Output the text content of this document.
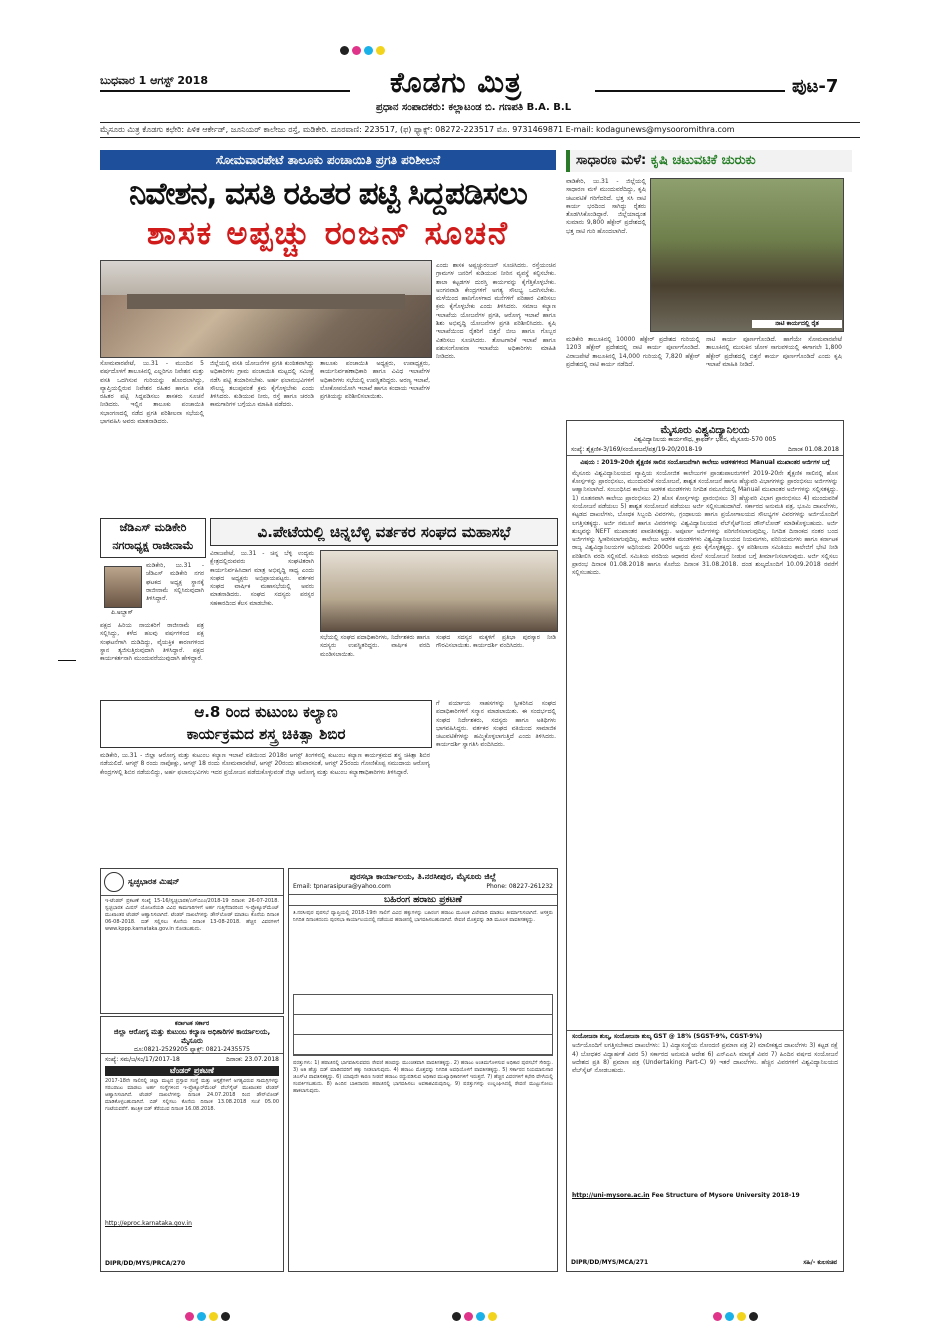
ಬುಧವಾರ 1 ಆಗಸ್ಟ್ 2018	ಕೊಡಗು ಮಿತ್ರ
ಪ್ರಧಾನ ಸಂಪಾದಕರು: ಕಲ್ಲಾಟಂಡ ಬಿ. ಗಣಪತಿ B.A. B.L
ಪುಟ-7
ಮೈಸೂರು ಮಿತ್ರ ಕೊಡಗು ಕಛೇರಿ: ಪಿಳಿಕ ಆರ್ಕೇಡ್, ಜೂನಿಯರ್ ಕಾಲೇಜು ರಸ್ತೆ, ಮಡಿಕೇರಿ. ದೂರವಾಣಿ: 223517, (ಫ) ಫ್ಯಾಕ್ಸ್: 08272-223517 ಮೊ. 9731469871 E-mail: kodagunews@mysooromithra.com
ಸೋಮವಾರಪೇಟೆ ತಾಲೂಕು ಪಂಚಾಯಿತಿ ಪ್ರಗತಿ ಪರಿಶೀಲನೆ
ನಿವೇಶನ, ವಸತಿ ರಹಿತರ ಪಟ್ಟಿ ಸಿದ್ದಪಡಿಸಲು
ಶಾಸಕ ಅಪ್ಪಚ್ಚು ರಂಜನ್ ಸೂಚನೆ

ಸೋಮವಾರಪೇಟೆ, ಜು.31 - ಮುಂದಿನ 5 ವರ್ಷದೊಳಗೆ ತಾಲೂಕಿನಲ್ಲಿ ಎಲ್ಲರಿಗೂ ನಿವೇಶನ ಮತ್ತು ವಸತಿ ಒದಗಿಸುವ ಗುರಿಯನ್ನು ಹೊಂದಲಾಗಿದ್ದು, ವ್ಯಾಪ್ತಿಯಲ್ಲಿರುವ ನಿವೇಶನ ರಹಿತರ ಹಾಗೂ ವಸತಿ ರಹಿತರ ಪಟ್ಟಿ ಸಿದ್ದಪಡಿಸಲು ಶಾಸಕರು ಸೂಚನೆ ನೀಡಿದರು. ಇಲ್ಲಿನ ತಾಲೂಕು ಪಂಚಾಯಿತಿ ಸಭಾಂಗಣದಲ್ಲಿ ನಡೆದ ಪ್ರಗತಿ ಪರಿಶೀಲನಾ ಸಭೆಯಲ್ಲಿ ಭಾಗವಹಿಸಿ ಅವರು ಮಾತನಾಡಿದರು.

ಜಿಲ್ಲೆಯಲ್ಲಿ ವಸತಿ ಯೋಜನೆಗಳ ಪ್ರಗತಿ ಕುಂಠಿತವಾಗಿದ್ದು ಅಧಿಕಾರಿಗಳು ಗ್ರಾಮ ಪಂಚಾಯಿತಿ ಮಟ್ಟದಲ್ಲಿ ಸಮೀಕ್ಷೆ ನಡೆಸಿ ಪಟ್ಟಿ ತಯಾರಿಸಬೇಕು. ಅರ್ಹ ಫಲಾನುಭವಿಗಳಿಗೆ ಸೌಲಭ್ಯ ತಲುಪುವಂತೆ ಕ್ರಮ ಕೈಗೊಳ್ಳಬೇಕು ಎಂದು ತಿಳಿಸಿದರು. ಕುಡಿಯುವ ನೀರು, ರಸ್ತೆ ಹಾಗೂ ಚರಂಡಿ ಕಾಮಗಾರಿಗಳ ಬಗ್ಗೆಯೂ ಮಾಹಿತಿ ಪಡೆದರು.

ತಾಲೂಕು ಪಂಚಾಯಿತಿ ಅಧ್ಯಕ್ಷರು, ಉಪಾಧ್ಯಕ್ಷರು, ಕಾರ್ಯನಿರ್ವಹಣಾಧಿಕಾರಿ ಹಾಗೂ ವಿವಿಧ ಇಲಾಖೆಗಳ ಅಧಿಕಾರಿಗಳು ಸಭೆಯಲ್ಲಿ ಉಪಸ್ಥಿತರಿದ್ದರು. ಅರಣ್ಯ ಇಲಾಖೆ, ಲೋಕೋಪಯೋಗಿ ಇಲಾಖೆ ಹಾಗೂ ಕಂದಾಯ ಇಲಾಖೆಗಳ ಪ್ರಗತಿಯನ್ನು ಪರಿಶೀಲಿಸಲಾಯಿತು.

ಎಂದು ಶಾಸಕ ಅಪ್ಪಚ್ಚುರಂಜನ್ ಸೂಚಿಸಿದರು. ರಸ್ತೆಯಂಚಿನ ಗ್ರಾಮಗಳ ಜನರಿಗೆ ಕುಡಿಯುವ ನೀರಿನ ವ್ಯವಸ್ಥೆ ಕಲ್ಪಿಸಬೇಕು. ಶಾಲಾ ಕಟ್ಟಡಗಳ ದುರಸ್ತಿ ಕಾರ್ಯವನ್ನು ಕೈಗೆತ್ತಿಕೊಳ್ಳಬೇಕು. ಅಂಗನವಾಡಿ ಕೇಂದ್ರಗಳಿಗೆ ಅಗತ್ಯ ಸೌಲಭ್ಯ ಒದಗಿಸಬೇಕು. ಮಳೆಯಿಂದ ಹಾನಿಗೊಳಗಾದ ಮನೆಗಳಿಗೆ ಪರಿಹಾರ ವಿತರಿಸಲು ಕ್ರಮ ಕೈಗೊಳ್ಳಬೇಕು ಎಂದು ತಿಳಿಸಿದರು. ಸಮಾಜ ಕಲ್ಯಾಣ ಇಲಾಖೆಯ ಯೋಜನೆಗಳ ಪ್ರಗತಿ, ಆರೋಗ್ಯ ಇಲಾಖೆ ಹಾಗೂ ಶಿಶು ಅಭಿವೃದ್ಧಿ ಯೋಜನೆಗಳ ಪ್ರಗತಿ ಪರಿಶೀಲಿಸಿದರು. ಕೃಷಿ ಇಲಾಖೆಯಿಂದ ರೈತರಿಗೆ ಬಿತ್ತನೆ ಬೀಜ ಹಾಗೂ ಗೊಬ್ಬರ ವಿತರಿಸಲು ಸೂಚಿಸಿದರು. ತೋಟಗಾರಿಕೆ ಇಲಾಖೆ ಹಾಗೂ ಪಶುಸಂಗೋಪನಾ ಇಲಾಖೆಯ ಅಧಿಕಾರಿಗಳು ಮಾಹಿತಿ ನೀಡಿದರು.

ಜೆಡಿಎಸ್ ಮಡಿಕೇರಿ ನಗರಾಧ್ಯಕ್ಷ ರಾಜೀನಾಮೆ
ಪಿ.ಅಬ್ಬಾಸ್

ಮಡಿಕೇರಿ, ಜು.31 - ಜೆಡಿಎಸ್ ಮಡಿಕೇರಿ ನಗರ ಘಟಕದ ಅಧ್ಯಕ್ಷ ಸ್ಥಾನಕ್ಕೆ ರಾಜೀನಾಮೆ ಸಲ್ಲಿಸಿರುವುದಾಗಿ ತಿಳಿಸಿದ್ದಾರೆ.

ಪಕ್ಷದ ಹಿರಿಯ ನಾಯಕರಿಗೆ ರಾಜೀನಾಮೆ ಪತ್ರ ಸಲ್ಲಿಸಿದ್ದು, ಕಳೆದ ಹಲವು ವರ್ಷಗಳಿಂದ ಪಕ್ಷ ಸಂಘಟನೆಗಾಗಿ ದುಡಿದಿದ್ದು, ವೈಯಕ್ತಿಕ ಕಾರಣಗಳಿಂದ ಸ್ಥಾನ ತ್ಯಜಿಸುತ್ತಿರುವುದಾಗಿ ತಿಳಿಸಿದ್ದಾರೆ. ಪಕ್ಷದ ಕಾರ್ಯಕರ್ತನಾಗಿ ಮುಂದುವರೆಯುವುದಾಗಿ ಹೇಳಿದ್ದಾರೆ.

ವಿ.ಪೇಟೆಯಲ್ಲಿ ಚಿನ್ನಬೆಳ್ಳಿ ವರ್ತಕರ ಸಂಘದ ಮಹಾಸಭೆ

ವಿರಾಜಪೇಟೆ, ಜು.31 - ಚಿನ್ನ ಬೆಳ್ಳಿ ಉದ್ಯಮ ಕ್ಷೇತ್ರದಲ್ಲಿರುವವರು ಸಂಘಟಿತರಾಗಿ ಕಾರ್ಯನಿರ್ವಹಿಸಿದಾಗ ಮಾತ್ರ ಅಭಿವೃದ್ಧಿ ಸಾಧ್ಯ ಎಂದು ಸಂಘದ ಅಧ್ಯಕ್ಷರು ಅಭಿಪ್ರಾಯಪಟ್ಟರು. ವರ್ತಕರ ಸಂಘದ ವಾರ್ಷಿಕ ಮಹಾಸಭೆಯಲ್ಲಿ ಅವರು ಮಾತನಾಡಿದರು. ಸಂಘದ ಸದಸ್ಯರು ಪರಸ್ಪರ ಸಹಕಾರದಿಂದ ಕೆಲಸ ಮಾಡಬೇಕು.

ಸಭೆಯಲ್ಲಿ ಸಂಘದ ಪದಾಧಿಕಾರಿಗಳು, ನಿರ್ದೇಶಕರು ಹಾಗೂ ಸದಸ್ಯರು ಉಪಸ್ಥಿತರಿದ್ದರು. ವಾರ್ಷಿಕ ವರದಿ ಮಂಡಿಸಲಾಯಿತು.

ಸಂಘದ ಸದಸ್ಯರ ಮಕ್ಕಳಿಗೆ ಪ್ರತಿಭಾ ಪುರಸ್ಕಾರ ನೀಡಿ ಗೌರವಿಸಲಾಯಿತು. ಕಾರ್ಯದರ್ಶಿ ವಂದಿಸಿದರು.

ಆ.8 ರಿಂದ ಕುಟುಂಬ ಕಲ್ಯಾಣ
ಕಾರ್ಯಕ್ರಮದ ಶಸ್ತ್ರ ಚಿಕಿತ್ಸಾ ಶಿಬಿರ

ಮಡಿಕೇರಿ, ಜು.31 - ಜಿಲ್ಲಾ ಆರೋಗ್ಯ ಮತ್ತು ಕುಟುಂಬ ಕಲ್ಯಾಣ ಇಲಾಖೆ ವತಿಯಿಂದ 2018ರ ಆಗಸ್ಟ್ ತಿಂಗಳಿನಲ್ಲಿ ಕುಟುಂಬ ಕಲ್ಯಾಣ ಕಾರ್ಯಕ್ರಮದ ಶಸ್ತ್ರ ಚಿಕಿತ್ಸಾ ಶಿಬಿರ ನಡೆಯಲಿದೆ. ಆಗಸ್ಟ್ 8 ರಂದು ನಾಪೋಕ್ಲು, ಆಗಸ್ಟ್ 18 ರಂದು ಸೋಮವಾರಪೇಟೆ, ಆಗಸ್ಟ್ 20ರಂದು ಶನಿವಾರಸಂತೆ, ಆಗಸ್ಟ್ 25ರಂದು ಗೋಣಿಕೊಪ್ಪ ಸಮುದಾಯ ಆರೋಗ್ಯ ಕೇಂದ್ರಗಳಲ್ಲಿ ಶಿಬಿರ ನಡೆಯಲಿದ್ದು, ಅರ್ಹ ಫಲಾನುಭವಿಗಳು ಇದರ ಪ್ರಯೋಜನ ಪಡೆದುಕೊಳ್ಳುವಂತೆ ಜಿಲ್ಲಾ ಆರೋಗ್ಯ ಮತ್ತು ಕುಟುಂಬ ಕಲ್ಯಾಣಾಧಿಕಾರಿಗಳು ತಿಳಿಸಿದ್ದಾರೆ.

ಗೆ ಪರ್ಯಾಯ ಸಾಹಸಗಳನ್ನು ಸ್ವೀಕರಿಸಿದ ಸಂಘದ ಪದಾಧಿಕಾರಿಗಳಿಗೆ ಸನ್ಮಾನ ಮಾಡಲಾಯಿತು. ಈ ಸಂದರ್ಭದಲ್ಲಿ ಸಂಘದ ನಿರ್ದೇಶಕರು, ಸದಸ್ಯರು ಹಾಗೂ ಅತಿಥಿಗಳು ಭಾಗವಹಿಸಿದ್ದರು. ವರ್ತಕರ ಸಂಘದ ವತಿಯಿಂದ ಸಾಮಾಜಿಕ ಚಟುವಟಿಕೆಗಳನ್ನು ಹಮ್ಮಿಕೊಳ್ಳಲಾಗುತ್ತಿದೆ ಎಂದು ತಿಳಿಸಿದರು. ಕಾರ್ಯದರ್ಶಿ ಸ್ವಾಗತಿಸಿ ವಂದಿಸಿದರು.

ಸಾಧಾರಣ ಮಳೆ: ಕೃಷಿ ಚಟುವಟಿಕೆ ಚುರುಕು

ವಾಡಿಕೇರಿ, ಜು.31 - ಜಿಲ್ಲೆಯಲ್ಲಿ ಸಾಧಾರಣ ಮಳೆ ಮುಂದುವರೆದಿದ್ದು, ಕೃಷಿ ಚಟುವಟಿಕೆ ಗರಿಗೆದರಿದೆ. ಭತ್ತ ಸಸಿ ನಾಟಿ ಕಾರ್ಯ ಭರದಿಂದ ಸಾಗಿದ್ದು ರೈತರು ತೊಡಗಿಸಿಕೊಂಡಿದ್ದಾರೆ. ಜಿಲ್ಲೆಯಾದ್ಯಂತ ಸುಮಾರು 9,800 ಹೆಕ್ಟೇರ್ ಪ್ರದೇಶದಲ್ಲಿ ಭತ್ತ ನಾಟಿ ಗುರಿ ಹೊಂದಲಾಗಿದೆ.

ನಾಟಿ ಕಾರ್ಯದಲ್ಲಿ ರೈತ

ಮಡಿಕೇರಿ ತಾಲೂಕಿನಲ್ಲಿ 10000 ಹೆಕ್ಟೇರ್ ಪ್ರದೇಶದ ಗುರಿಯಲ್ಲಿ 1203 ಹೆಕ್ಟೇರ್ ಪ್ರದೇಶದಲ್ಲಿ ನಾಟಿ ಕಾರ್ಯ ಪೂರ್ಣಗೊಂಡಿದೆ. ವಿರಾಜಪೇಟೆ ತಾಲೂಕಿನಲ್ಲಿ 14,000 ಗುರಿಯಲ್ಲಿ 7,820 ಹೆಕ್ಟೇರ್ ಪ್ರದೇಶದಲ್ಲಿ ನಾಟಿ ಕಾರ್ಯ ನಡೆದಿದೆ.

ನಾಟಿ ಕಾರ್ಯ ಪೂರ್ಣಗೊಂಡಿದೆ. ಹಾಗೆಯೇ ಸೋಮವಾರಪೇಟೆ ತಾಲೂಕಿನಲ್ಲಿ ಮುಸುಕಿನ ಜೋಳ ಸಾಗುವಳಿಯಲ್ಲಿ ಈಗಾಗಲೇ 1,800 ಹೆಕ್ಟೇರ್ ಪ್ರದೇಶದಲ್ಲಿ ಬಿತ್ತನೆ ಕಾರ್ಯ ಪೂರ್ಣಗೊಂಡಿದೆ ಎಂದು ಕೃಷಿ ಇಲಾಖೆ ಮಾಹಿತಿ ನೀಡಿದೆ.

ಮೈಸೂರು ವಿಶ್ವವಿದ್ಯಾನಿಲಯ
ವಿಶ್ವವಿದ್ಯಾನಿಲಯ ಕಾರ್ಯಸೌಧ, ಕ್ರಾಫರ್ಡ್ ಭವನ, ಮೈಸೂರು-570 005
ಸಂಖ್ಯೆ: ಶೈಕ್ಷಣಿಕ-3/169/ಸಂಯೋಜನೆ/ಪತ್ರ/19-20/2018-19	ದಿನಾಂಕ 01.08.2018
ವಿಷಯ : 2019-20ನೇ ಶೈಕ್ಷಣಿಕ ಸಾಲಿನ ಸಂಯೋಜನೆಗಾಗಿ ಕಾಲೇಜು ಆಡಳಿತಗಳಿಂದ Manual ಮುಖಾಂತರ ಅರ್ಜಿಗಳ ಬಗ್ಗೆ

ಮೈಸೂರು ವಿಶ್ವವಿದ್ಯಾನಿಲಯದ ವ್ಯಾಪ್ತಿಯ ಸಂಯೋಜಿತ ಕಾಲೇಜುಗಳ ಪ್ರಾಂಶುಪಾಲರುಗಳಿಗೆ 2019-20ನೇ ಶೈಕ್ಷಣಿಕ ಸಾಲಿನಲ್ಲಿ ಹೊಸ ಕೋರ್ಸ್ಗಳನ್ನು ಪ್ರಾರಂಭಿಸಲು, ಮುಂದುವರಿಕೆ ಸಂಯೋಜನೆ, ಶಾಶ್ವತ ಸಂಯೋಜನೆ ಹಾಗೂ ಹೆಚ್ಚುವರಿ ವಿಭಾಗಗಳನ್ನು ಪ್ರಾರಂಭಿಸಲು ಅರ್ಜಿಗಳನ್ನು ಆಹ್ವಾನಿಸಲಾಗಿದೆ. ಸಂಬಂಧಿಸಿದ ಕಾಲೇಜು ಆಡಳಿತ ಮಂಡಳಿಗಳು ನಿಗದಿತ ನಮೂನೆಯಲ್ಲಿ Manual ಮುಖಾಂತರ ಅರ್ಜಿಗಳನ್ನು ಸಲ್ಲಿಸತಕ್ಕದ್ದು. 1) ನೂತನವಾಗಿ ಕಾಲೇಜು ಪ್ರಾರಂಭಿಸಲು 2) ಹೊಸ ಕೋರ್ಸ್ಗಳನ್ನು ಪ್ರಾರಂಭಿಸಲು 3) ಹೆಚ್ಚುವರಿ ವಿಭಾಗ ಪ್ರಾರಂಭಿಸಲು 4) ಮುಂದುವರಿಕೆ ಸಂಯೋಜನೆ ಪಡೆಯಲು 5) ಶಾಶ್ವತ ಸಂಯೋಜನೆ ಪಡೆಯಲು ಅರ್ಜಿ ಸಲ್ಲಿಸಬಹುದಾಗಿದೆ. ಸರ್ಕಾರದ ಅನುಮತಿ ಪತ್ರ, ಭೂಮಿ ದಾಖಲೆಗಳು, ಕಟ್ಟಡದ ದಾಖಲೆಗಳು, ಬೋಧಕ ಸಿಬ್ಬಂದಿ ವಿವರಗಳು, ಗ್ರಂಥಾಲಯ ಹಾಗೂ ಪ್ರಯೋಗಾಲಯದ ಸೌಲಭ್ಯಗಳ ವಿವರಗಳನ್ನು ಅರ್ಜಿಯೊಂದಿಗೆ ಲಗತ್ತಿಸತಕ್ಕದ್ದು. ಅರ್ಜಿ ನಮೂನೆ ಹಾಗೂ ವಿವರಗಳನ್ನು ವಿಶ್ವವಿದ್ಯಾನಿಲಯದ ವೆಬ್‌ಸೈಟ್‌ನಿಂದ ಡೌನ್‌ಲೋಡ್ ಮಾಡಿಕೊಳ್ಳಬಹುದು. ಅರ್ಜಿ ಶುಲ್ಕವನ್ನು NEFT ಮುಖಾಂತರ ಪಾವತಿಸತಕ್ಕದ್ದು. ಅಪೂರ್ಣ ಅರ್ಜಿಗಳನ್ನು ಪರಿಗಣಿಸಲಾಗುವುದಿಲ್ಲ. ನಿಗದಿತ ದಿನಾಂಕದ ನಂತರ ಬಂದ ಅರ್ಜಿಗಳನ್ನು ಸ್ವೀಕರಿಸಲಾಗುವುದಿಲ್ಲ. ಕಾಲೇಜು ಆಡಳಿತ ಮಂಡಳಿಗಳು ವಿಶ್ವವಿದ್ಯಾನಿಲಯದ ನಿಯಮಗಳು, ಪರಿನಿಯಮಗಳು ಹಾಗೂ ಕರ್ನಾಟಕ ರಾಜ್ಯ ವಿಶ್ವವಿದ್ಯಾನಿಲಯಗಳ ಅಧಿನಿಯಮ 2000ರ ಅನ್ವಯ ಕ್ರಮ ಕೈಗೊಳ್ಳತಕ್ಕದ್ದು. ಸ್ಥಳ ಪರಿಶೀಲನಾ ಸಮಿತಿಯು ಕಾಲೇಜಿಗೆ ಭೇಟಿ ನೀಡಿ ಪರಿಶೀಲಿಸಿ ವರದಿ ಸಲ್ಲಿಸಲಿದೆ. ಸಮಿತಿಯ ವರದಿಯ ಆಧಾರದ ಮೇಲೆ ಸಂಯೋಜನೆ ನೀಡುವ ಬಗ್ಗೆ ತೀರ್ಮಾನಿಸಲಾಗುವುದು. ಅರ್ಜಿ ಸಲ್ಲಿಸಲು ಪ್ರಾರಂಭ ದಿನಾಂಕ 01.08.2018 ಹಾಗೂ ಕೊನೆಯ ದಿನಾಂಕ 31.08.2018. ದಂಡ ಶುಲ್ಕದೊಂದಿಗೆ 10.09.2018 ರವರೆಗೆ ಸಲ್ಲಿಸಬಹುದು.

ಸಂಯೋಜನಾ ಶುಲ್ಕ, ಸಂಯೋಜನಾ ಶುಲ್ಕ GST @ 18% (SGST-9%, CGST-9%)

ಅರ್ಜಿಯೊಂದಿಗೆ ಲಗತ್ತಿಸಬೇಕಾದ ದಾಖಲೆಗಳು: 1) ವಿದ್ಯಾಸಂಸ್ಥೆಯ ನೋಂದಣಿ ಪ್ರಮಾಣ ಪತ್ರ 2) ಮಾಲೀಕತ್ವದ ದಾಖಲೆಗಳು 3) ಕಟ್ಟಡ ನಕ್ಷೆ 4) ಬೋಧಕರ ವಿದ್ಯಾರ್ಹತೆ ವಿವರ 5) ಸರ್ಕಾರದ ಅನುಮತಿ ಆದೇಶ 6) ಎನ್‌ಎಎಸಿ ಮಾನ್ಯತೆ ವಿವರ 7) ಹಿಂದಿನ ವರ್ಷದ ಸಂಯೋಜನೆ ಆದೇಶದ ಪ್ರತಿ 8) ಪ್ರಮಾಣ ಪತ್ರ (Undertaking Part-C) 9) ಇತರೆ ದಾಖಲೆಗಳು. ಹೆಚ್ಚಿನ ವಿವರಗಳಿಗೆ ವಿಶ್ವವಿದ್ಯಾನಿಲಯದ ವೆಬ್‌ಸೈಟ್ ನೋಡಬಹುದು.

http://uni-mysore.ac.in Fee Structure of Mysore University 2018-19
DIPR/DD/MYS/MCA/271	ಸಹಿ/- ಕುಲಸಚಿವ
ಸ್ವಚ್ಛಭಾರತ ಮಿಷನ್

ಇ-ಟೆಂಡರ್ ಪ್ರಕಟಣೆ ಸಂಖ್ಯೆ 15-16/ಸ್ವಚ್ಛಭಾರತ/ಎಸ್‌ಬಿಎಂ/2018-19 ದಿನಾಂಕ: 26-07-2018. ಸ್ವಚ್ಛಭಾರತ ಮಿಷನ್ ಯೋಜನೆಯಡಿ ವಿವಿಧ ಕಾಮಗಾರಿಗಳಿಗೆ ಅರ್ಹ ಗುತ್ತಿಗೆದಾರರಿಂದ ಇ-ಪ್ರೊಕ್ಯೂರ್‌ಮೆಂಟ್ ಮುಖಾಂತರ ಟೆಂಡರ್ ಆಹ್ವಾನಿಸಲಾಗಿದೆ. ಟೆಂಡರ್ ದಾಖಲೆಗಳನ್ನು ಡೌನ್‌ಲೋಡ್ ಮಾಡಲು ಕೊನೆಯ ದಿನಾಂಕ 06-08-2018. ಬಿಡ್ ಸಲ್ಲಿಸಲು ಕೊನೆಯ ದಿನಾಂಕ 13-08-2018. ಹೆಚ್ಚಿನ ವಿವರಗಳಿಗೆ www.kppp.karnataka.gov.in ನೋಡಬಹುದು.

ಕರ್ನಾಟಕ ಸರ್ಕಾರ
ಜಿಲ್ಲಾ ಆರೋಗ್ಯ ಮತ್ತು ಕುಟುಂಬ ಕಲ್ಯಾಣ ಅಧಿಕಾರಿಗಳ ಕಾರ್ಯಾಲಯ, ಮೈಸೂರು
ದೂ:0821-2529205 ಫ್ಯಾಕ್ಸ್: 0821-2435575
ಸಂಖ್ಯೆ: ಸಮ/ಜ/ಸಂ/17/2017-18	ದಿನಾಂಕ: 23.07.2018
ಟೆಂಡರ್ ಪ್ರಕಟಣೆ

2017-18ನೇ ಸಾಲಿನಲ್ಲಿ ಜಿಲ್ಲಾ ಮಟ್ಟದ ಪ್ರಸ್ತಾವ ಸಂಸ್ಥೆ ಮತ್ತು ಆಸ್ಪತ್ರೆಗಳಿಗೆ ಅಗತ್ಯವಿರುವ ಸಾಮಗ್ರಿಗಳನ್ನು ಸರಬರಾಜು ಮಾಡಲು ಅರ್ಹ ಸಂಸ್ಥೆಗಳಿಂದ ಇ-ಪ್ರೊಕ್ಯೂರ್‌ಮೆಂಟ್ ವೆಬ್‌ಸೈಟ್ ಮುಖಾಂತರ ಟೆಂಡರ್ ಆಹ್ವಾನಿಸಲಾಗಿದೆ. ಟೆಂಡರ್ ದಾಖಲೆಗಳನ್ನು ದಿನಾಂಕ 24.07.2018 ರಿಂದ ಡೌನ್‌ಲೋಡ್ ಮಾಡಿಕೊಳ್ಳಬಹುದಾಗಿದೆ. ಬಿಡ್ ಸಲ್ಲಿಸಲು ಕೊನೆಯ ದಿನಾಂಕ 13.08.2018 ಸಂಜೆ 05.00 ಗಂಟೆಯವರೆಗೆ. ತಾಂತ್ರಿಕ ಬಿಡ್ ತೆರೆಯುವ ದಿನಾಂಕ 16.08.2018.

http://eproc.karnataka.gov.in
DIPR/DD/MYS/PRCA/270
ಪುರಸಭಾ ಕಾರ್ಯಾಲಯ, ತಿ.ನರಸೀಪುರ, ಮೈಸೂರು ಜಿಲ್ಲೆ
Email: tpnarasipura@yahoo.com	Phone: 08227-261232
ಬಹಿರಂಗ ಹರಾಜು ಪ್ರಕಟಣೆ

ತಿ.ನರಸೀಪುರ ಪುರಸಭೆ ವ್ಯಾಪ್ತಿಯಲ್ಲಿ 2018-19ನೇ ಸಾಲಿಗೆ ವಿವಿಧ ಹಕ್ಕುಗಳನ್ನು ಬಹಿರಂಗ ಹರಾಜು ಮೂಲಕ ವಿಲೇವಾರಿ ಮಾಡಲು ತೀರ್ಮಾನಿಸಲಾಗಿದೆ. ಆಸಕ್ತರು ನಿಗದಿತ ದಿನಾಂಕದಂದು ಪುರಸಭಾ ಕಾರ್ಯಾಲಯದಲ್ಲಿ ನಡೆಯುವ ಹರಾಜಿನಲ್ಲಿ ಭಾಗವಹಿಸಬಹುದಾಗಿದೆ. ಠೇವಣಿ ಮೊತ್ತವನ್ನು ಡಿಡಿ ಮೂಲಕ ಪಾವತಿಸತಕ್ಕದ್ದು.

ಷರತ್ತುಗಳು: 1) ಹರಾಜಿನಲ್ಲಿ ಭಾಗವಹಿಸುವವರು ಠೇವಣಿ ಹಣವನ್ನು ಮುಂಚಿತವಾಗಿ ಪಾವತಿಸತಕ್ಕದ್ದು. 2) ಹರಾಜು ಅಂತಿಮಗೊಳಿಸುವ ಅಧಿಕಾರ ಪುರಸಭೆಗೆ ಸೇರಿದ್ದು. 3) ಅತಿ ಹೆಚ್ಚು ಬಿಡ್ ಮಾಡಿದವರಿಗೆ ಹಕ್ಕು ನೀಡಲಾಗುವುದು. 4) ಹರಾಜು ಮೊತ್ತವನ್ನು ನಿಗದಿತ ಅವಧಿಯೊಳಗೆ ಪಾವತಿಸತಕ್ಕದ್ದು. 5) ಸರ್ಕಾರದ ನಿಯಮಾನುಸಾರ ಜಿಎಸ್‌ಟಿ ಪಾವತಿಸತಕ್ಕದ್ದು. 6) ಯಾವುದೇ ಕಾರಣ ನೀಡದೆ ಹರಾಜು ರದ್ದುಪಡಿಸುವ ಅಧಿಕಾರ ಮುಖ್ಯಾಧಿಕಾರಿಗಳಿಗೆ ಇರುತ್ತದೆ. 7) ಹೆಚ್ಚಿನ ವಿವರಗಳಿಗೆ ಕಛೇರಿ ವೇಳೆಯಲ್ಲಿ ಸಂಪರ್ಕಿಸಬಹುದು. 8) ಹಿಂದಿನ ಬಾಕಿದಾರರು ಹರಾಜಿನಲ್ಲಿ ಭಾಗವಹಿಸಲು ಅವಕಾಶವಿರುವುದಿಲ್ಲ. 9) ಷರತ್ತುಗಳನ್ನು ಉಲ್ಲಂಘಿಸಿದಲ್ಲಿ ಠೇವಣಿ ಮುಟ್ಟುಗೋಲು ಹಾಕಲಾಗುವುದು.
